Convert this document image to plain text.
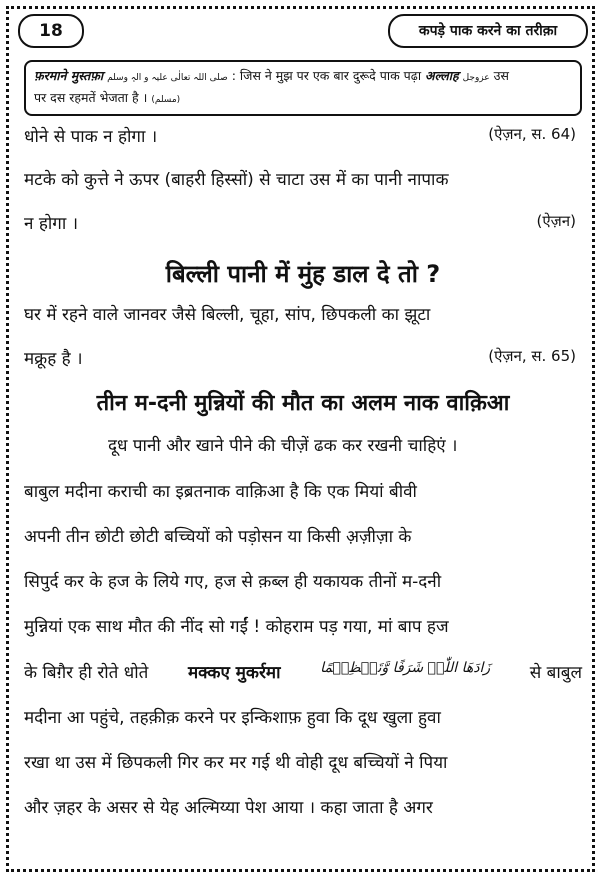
18	कपड़े पाक करने का तरीक़ा
फ़रमाने मुस्तफ़ा صلی اللہ تعالٰی علیہ و الہٖ وسلم : जिस ने मुझ पर एक बार दुरूदे पाक पढ़ा अल्लाह عزوجل उस
पर दस रहमतें भेजता है । (مسلم)
धोने से पाक न होगा ।	(ऐज़न, स. 64)
मटके को कुत्ते ने ऊपर (बाहरी हिस्सों) से चाटा उस में का पानी नापाक
न होगा ।	(ऐज़न)
बिल्ली पानी में मुंह डाल दे तो ?
घर में रहने वाले जानवर जैसे बिल्ली, चूहा, सांप, छिपकली का झूटा
मक्रूह है ।	(ऐज़न, स. 65)
तीन म-दनी मुन्नियों की मौत का अलम नाक वाक़िआ
दूध पानी और खाने पीने की चीज़ें ढक कर रखनी चाहिएं ।
बाबुल मदीना कराची का इब्रतनाक वाक़िआ है कि एक मियां बीवी
अपनी तीन छोटी छोटी बच्चियों को पड़ोसन या किसी अ़ज़ीज़ा के
सिपुर्द कर के हज के लिये गए, हज से क़ब्ल ही यकायक तीनों म-दनी
मुन्नियां एक साथ मौत की नींद सो गईं ! कोहराम पड़ गया, मां बाप हज
के बिग़ैर ही रोते धोते मक्कए मुकर्रमा	زَادَھَا اللّٰہُ شَرَفًا وَّتَعۡظِیۡمًا से बाबुल
मदीना आ पहुंचे, तहक़ीक़ करने पर इन्किशाफ़ हुवा कि दूध खुला हुवा
रखा था उस में छिपकली गिर कर मर गई थी वोही दूध बच्चियों ने पिया
और ज़हर के असर से येह अल्मिय्या पेश आया । कहा जाता है अगर
